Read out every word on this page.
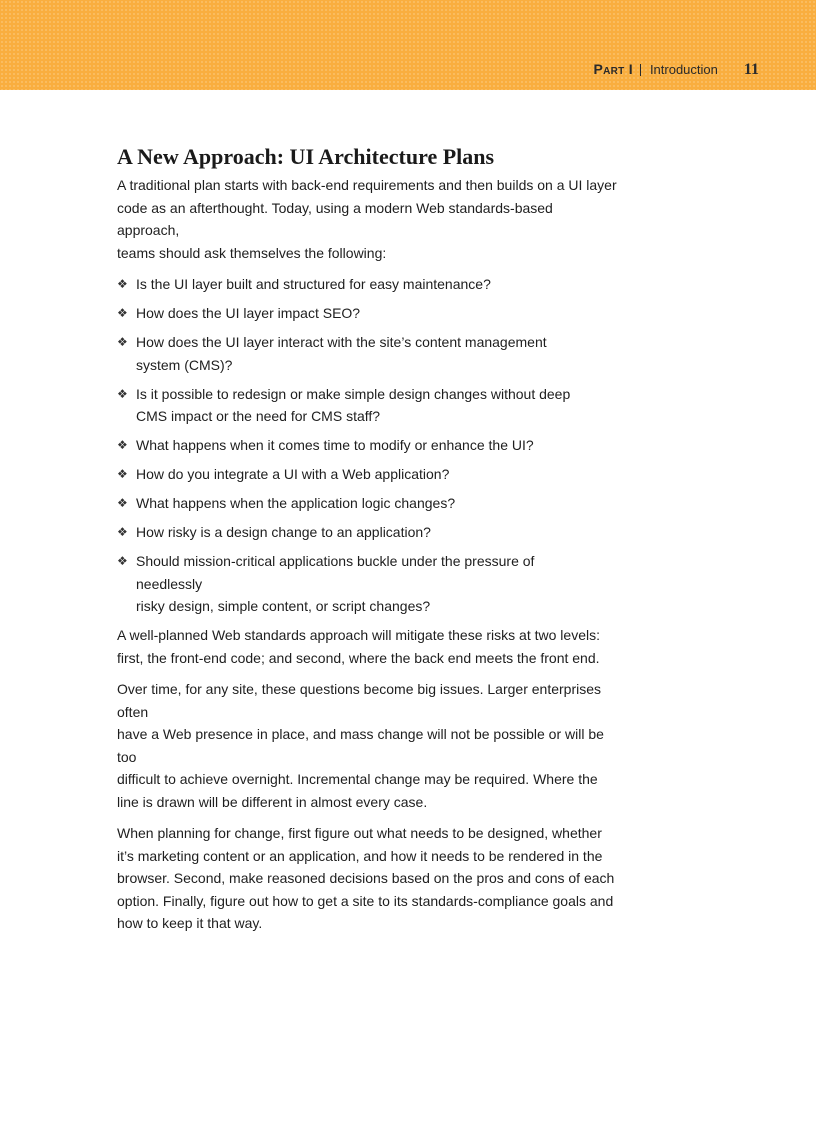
Part I Introduction 11
A New Approach: UI Architecture Plans

A traditional plan starts with back-end requirements and then builds on a UI layer
code as an afterthought. Today, using a modern Web standards-based approach,
teams should ask themselves the following:

❖ Is the UI layer built and structured for easy maintenance?
❖ How does the UI layer impact SEO?
❖ How does the UI layer interact with the site’s content management
system (CMS)?
❖ Is it possible to redesign or make simple design changes without deep
CMS impact or the need for CMS staff?
❖ What happens when it comes time to modify or enhance the UI?
❖ How do you integrate a UI with a Web application?
❖ What happens when the application logic changes?
❖ How risky is a design change to an application?
❖ Should mission-critical applications buckle under the pressure of needlessly
risky design, simple content, or script changes?

A well-planned Web standards approach will mitigate these risks at two levels:
first, the front-end code; and second, where the back end meets the front end.

Over time, for any site, these questions become big issues. Larger enterprises often
have a Web presence in place, and mass change will not be possible or will be too
difficult to achieve overnight. Incremental change may be required. Where the
line is drawn will be different in almost every case.

When planning for change, first figure out what needs to be designed, whether
it’s marketing content or an application, and how it needs to be rendered in the
browser. Second, make reasoned decisions based on the pros and cons of each
option. Finally, figure out how to get a site to its standards-compliance goals and
how to keep it that way.
